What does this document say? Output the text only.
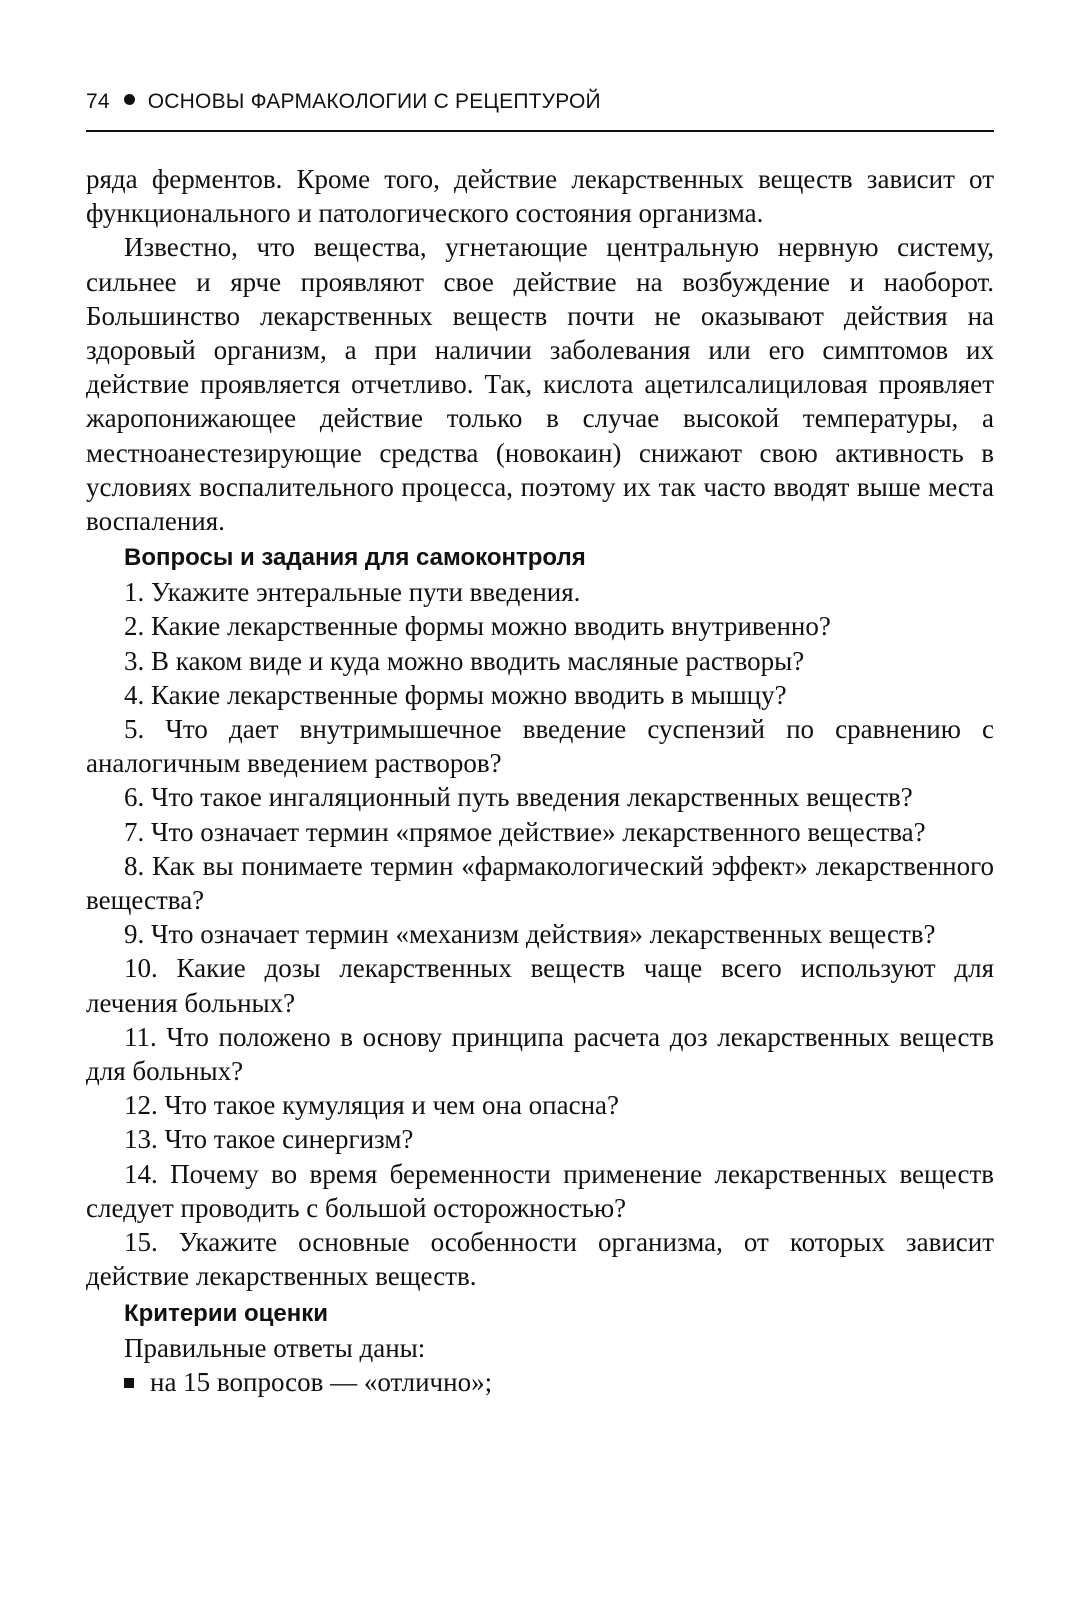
74 ОСНОВЫ ФАРМАКОЛОГИИ С РЕЦЕПТУРОЙ

ряда ферментов. Кроме того, действие лекарственных веществ зависит от функционального и патологического состояния организма.

Известно, что вещества, угнетающие центральную нервную систему, сильнее и ярче проявляют свое действие на возбуждение и наоборот. Большинство лекарственных веществ почти не оказывают действия на здоровый организм, а при наличии заболевания или его симптомов их действие проявляется отчетливо. Так, кислота ацетилсалициловая проявляет жаропонижающее действие только в случае высокой температуры, а местноанестезирующие средства (новокаин) снижают свою активность в условиях воспалительного процесса, поэтому их так часто вводят выше места воспаления.

Вопросы и задания для самоконтроля
1. Укажите энтеральные пути введения.
2. Какие лекарственные формы можно вводить внутривенно?
3. В каком виде и куда можно вводить масляные растворы?
4. Какие лекарственные формы можно вводить в мышцу?
5. Что дает внутримышечное введение суспензий по сравнению с аналогичным введением растворов?
6. Что такое ингаляционный путь введения лекарственных веществ?
7. Что означает термин «прямое действие» лекарственного вещества?
8. Как вы понимаете термин «фармакологический эффект» лекарственного вещества?
9. Что означает термин «механизм действия» лекарственных веществ?
10. Какие дозы лекарственных веществ чаще всего используют для лечения больных?
11. Что положено в основу принципа расчета доз лекарственных веществ для больных?
12. Что такое кумуляция и чем она опасна?
13. Что такое синергизм?
14. Почему во время беременности применение лекарственных веществ следует проводить с большой осторожностью?
15. Укажите основные особенности организма, от которых зависит действие лекарственных веществ.
Критерии оценки

Правильные ответы даны:

на 15 вопросов — «отлично»;
